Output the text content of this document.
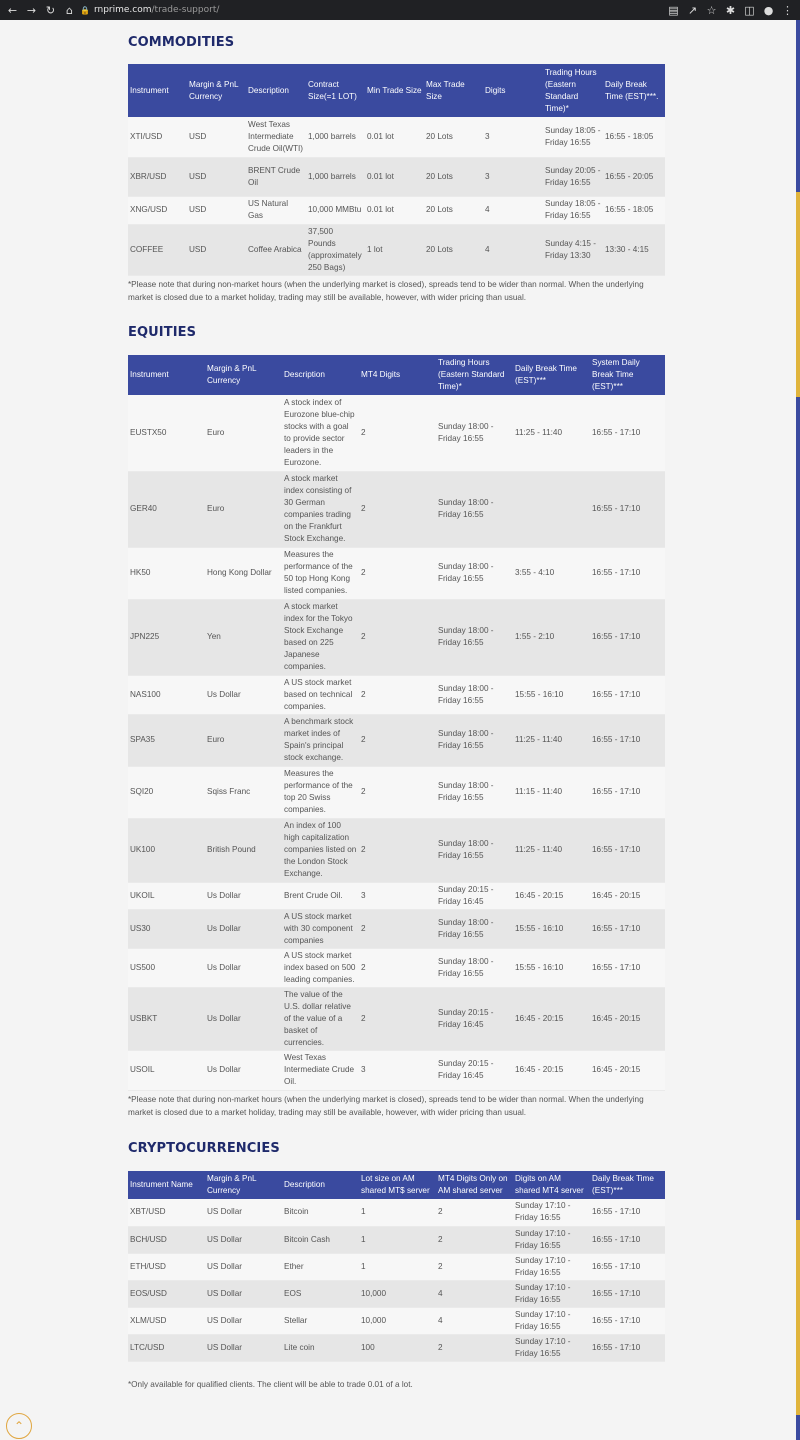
← → ↻ ⌂ 🔒 rnprime.com /trade-support/	▤ ↗ ☆ ✱ ◫ ● ⋮
COMMODITIES
Instrument	Margin & PnL Currency	Description	Contract Size(=1 LOT)	Min Trade Size	Max Trade Size	Digits	Trading Hours (Eastern Standard Time)*	Daily Break Time (EST)***.
XTI/USD	USD	West Texas Intermediate Crude Oil(WTI)	1,000 barrels	0.01 lot	20 Lots	3	Sunday 18:05 - Friday 16:55	16:55 - 18:05
XBR/USD	USD	BRENT Crude Oil	1,000 barrels	0.01 lot	20 Lots	3	Sunday 20:05 - Friday 16:55	16:55 - 20:05
XNG/USD	USD	US Natural Gas	10,000 MMBtu	0.01 lot	20 Lots	4	Sunday 18:05 - Friday 16:55	16:55 - 18:05
COFFEE	USD	Coffee Arabica	37,500 Pounds (approximately 250 Bags)	1 lot	20 Lots	4	Sunday 4:15 - Friday 13:30	13:30 - 4:15

*Please note that during non-market hours (when the underlying market is closed), spreads tend to be wider than normal. When the underlying market is closed due to a market holiday, trading may still be available, however, with wider pricing than usual.

EQUITIES
Instrument	Margin & PnL Currency	Description	MT4 Digits	Trading Hours (Eastern Standard Time)*	Daily Break Time (EST)***	System Daily Break Time (EST)***
EUSTX50	Euro	A stock index of Eurozone blue-chip stocks with a goal to provide sector leaders in the Eurozone.	2	Sunday 18:00 - Friday 16:55	11:25 - 11:40	16:55 - 17:10
GER40	Euro	A stock market index consisting of 30 German companies trading on the Frankfurt Stock Exchange.	2	Sunday 18:00 - Friday 16:55		16:55 - 17:10
HK50	Hong Kong Dollar	Measures the performance of the 50 top Hong Kong listed companies.	2	Sunday 18:00 - Friday 16:55	3:55 - 4:10	16:55 - 17:10
JPN225	Yen	A stock market index for the Tokyo Stock Exchange based on 225 Japanese companies.	2	Sunday 18:00 - Friday 16:55	1:55 - 2:10	16:55 - 17:10
NAS100	Us Dollar	A US stock market based on technical companies.	2	Sunday 18:00 - Friday 16:55	15:55 - 16:10	16:55 - 17:10
SPA35	Euro	A benchmark stock market indes of Spain's principal stock exchange.	2	Sunday 18:00 - Friday 16:55	11:25 - 11:40	16:55 - 17:10
SQI20	Sqiss Franc	Measures the performance of the top 20 Swiss companies.	2	Sunday 18:00 - Friday 16:55	11:15 - 11:40	16:55 - 17:10
UK100	British Pound	An index of 100 high capitalization companies listed on the London Stock Exchange.	2	Sunday 18:00 - Friday 16:55	11:25 - 11:40	16:55 - 17:10
UKOIL	Us Dollar	Brent Crude Oil.	3	Sunday 20:15 - Friday 16:45	16:45 - 20:15	16:45 - 20:15
US30	Us Dollar	A US stock market with 30 component companies	2	Sunday 18:00 - Friday 16:55	15:55 - 16:10	16:55 - 17:10
US500	Us Dollar	A US stock market index based on 500 leading companies.	2	Sunday 18:00 - Friday 16:55	15:55 - 16:10	16:55 - 17:10
USBKT	Us Dollar	The value of the U.S. dollar relative of the value of a basket of currencies.	2	Sunday 20:15 - Friday 16:45	16:45 - 20:15	16:45 - 20:15
USOIL	Us Dollar	West Texas Intermediate Crude Oil.	3	Sunday 20:15 - Friday 16:45	16:45 - 20:15	16:45 - 20:15

*Please note that during non-market hours (when the underlying market is closed), spreads tend to be wider than normal. When the underlying market is closed due to a market holiday, trading may still be available, however, with wider pricing than usual.

CRYPTOCURRENCIES
Instrument Name	Margin & PnL Currency	Description	Lot size on AM shared MT$ server	MT4 Digits Only on AM shared server	Digits on AM shared MT4 server	Daily Break Time (EST)***
XBT/USD	US Dollar	Bitcoin	1	2	Sunday 17:10 - Friday 16:55	16:55 - 17:10
BCH/USD	US Dollar	Bitcoin Cash	1	2	Sunday 17:10 - Friday 16:55	16:55 - 17:10
ETH/USD	US Dollar	Ether	1	2	Sunday 17:10 - Friday 16:55	16:55 - 17:10
EOS/USD	US Dollar	EOS	10,000	4	Sunday 17:10 - Friday 16:55	16:55 - 17:10
XLM/USD	US Dollar	Stellar	10,000	4	Sunday 17:10 - Friday 16:55	16:55 - 17:10
LTC/USD	US Dollar	Lite coin	100	2	Sunday 17:10 - Friday 16:55	16:55 - 17:10

*Only available for qualified clients. The client will be able to trade 0.01 of a lot.

⌃
